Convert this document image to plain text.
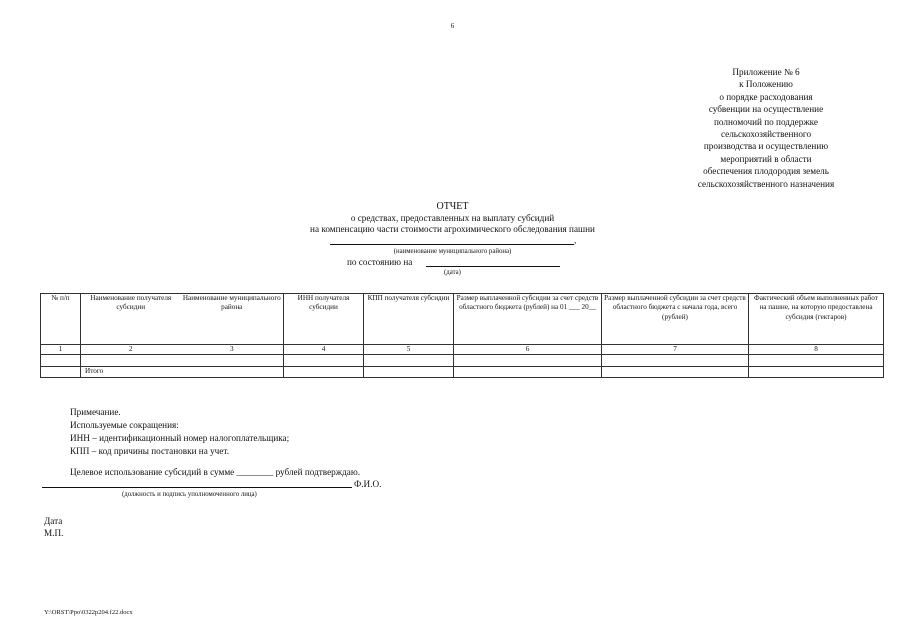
6
Приложение № 6
к Положению
о порядке расходования
субвенции на осуществление
полномочий по поддержке
сельскохозяйственного
производства и осуществлению
мероприятий в области
обеспечения плодородия земель
сельскохозяйственного назначения
ОТЧЕТ
о средствах, предоставленных на выплату субсидий
на компенсацию части стоимости агрохимического обследования пашни
,
(наименование муниципального района)
по состоянию на
(дата)
№ п/п	Наименование получателя субсидии	Наименование муниципального района	ИНН получателя субсидии	КПП получателя субсидии	Размер выплаченной субсидии за счет средств областного бюджета (рублей) на 01 ___ 20__	Размер выплаченной субсидии за счет средств областного бюджета с начала года, всего (рублей)	Фактический объем выполненных работ на пашне, на которую предоставлена субсидия (гектаров)
1	2	3	4	5	6	7	8

	Итого						
Примечание.
Используемые сокращения:
ИНН – идентификационный номер налогоплательщика;
КПП – код причины постановки на учет.
Целевое использование субсидий в сумме ________ рублей подтверждаю.
Ф.И.О.
(должность и подпись уполномоченного лица)
Дата
М.П.
Y:\ORST\Ppo\0322p204.f22.docx
